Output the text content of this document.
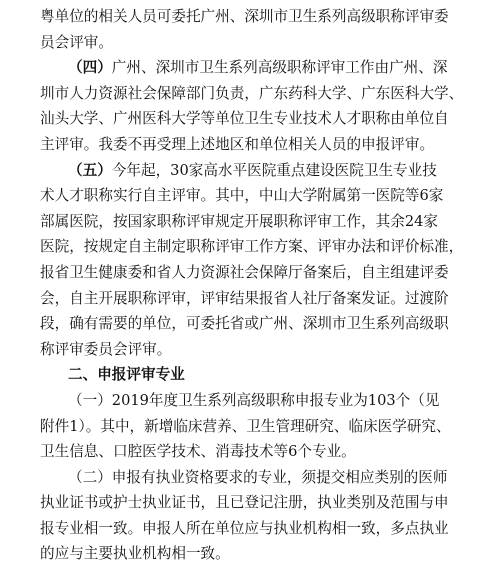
粤单位的相关人员可委托广州、深圳市卫生系列高级职称评审委
员会评审。
（四）广州、深圳市卫生系列高级职称评审工作由广州、深
圳市人力资源社会保障部门负责，广东药科大学、广东医科大学、
汕头大学、广州医科大学等单位卫生专业技术人才职称由单位自
主评审。我委不再受理上述地区和单位相关人员的申报评审。
（五）今年起，30家高水平医院重点建设医院卫生专业技
术人才职称实行自主评审。其中，中山大学附属第一医院等6家
部属医院，按国家职称评审规定开展职称评审工作，其余24家
医院，按规定自主制定职称评审工作方案、评审办法和评价标准，
报省卫生健康委和省人力资源社会保障厅备案后，自主组建评委
会，自主开展职称评审，评审结果报省人社厅备案发证。过渡阶
段，确有需要的单位，可委托省或广州、深圳市卫生系列高级职
称评审委员会评审。
二、申报评审专业
（一）2019年度卫生系列高级职称申报专业为103个（见
附件1）。其中，新增临床营养、卫生管理研究、临床医学研究、
卫生信息、口腔医学技术、消毒技术等6个专业。
（二）申报有执业资格要求的专业，须提交相应类别的医师
执业证书或护士执业证书，且已登记注册，执业类别及范围与申
报专业相一致。申报人所在单位应与执业机构相一致，多点执业
的应与主要执业机构相一致。
